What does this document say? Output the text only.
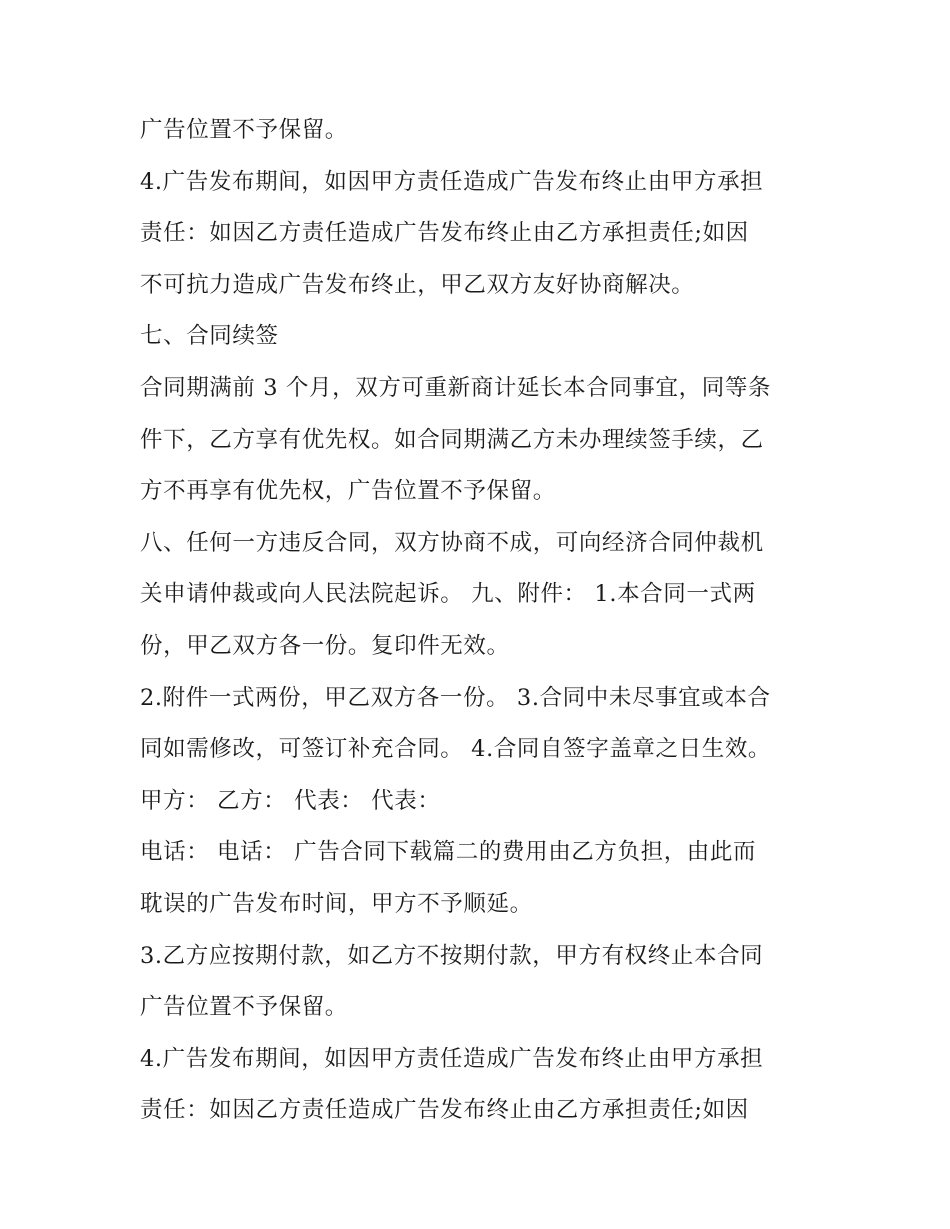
广告位置不予保留。
4.广告发布期间，如因甲方责任造成广告发布终止由甲方承担
责任：如因乙方责任造成广告发布终止由乙方承担责任;如因
不可抗力造成广告发布终止，甲乙双方友好协商解决。
七、合同续签
合同期满前 3 个月，双方可重新商计延长本合同事宜，同等条
件下，乙方享有优先权。如合同期满乙方未办理续签手续，乙
方不再享有优先权，广告位置不予保留。
八、任何一方违反合同，双方协商不成，可向经济合同仲裁机
关申请仲裁或向人民法院起诉。 九、附件： 1.本合同一式两
份，甲乙双方各一份。复印件无效。
2.附件一式两份，甲乙双方各一份。 3.合同中未尽事宜或本合
同如需修改，可签订补充合同。 4.合同自签字盖章之日生效。
甲方： 乙方： 代表： 代表：
电话： 电话： 广告合同下载篇二的费用由乙方负担，由此而
耽误的广告发布时间，甲方不予顺延。
3.乙方应按期付款，如乙方不按期付款，甲方有权终止本合同
广告位置不予保留。
4.广告发布期间，如因甲方责任造成广告发布终止由甲方承担
责任：如因乙方责任造成广告发布终止由乙方承担责任;如因
